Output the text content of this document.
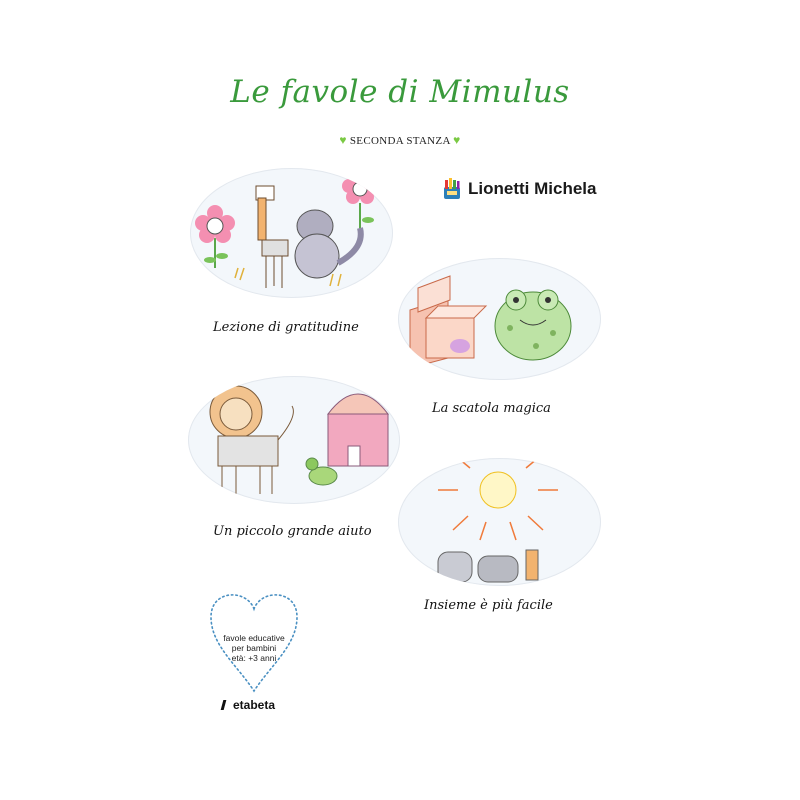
Le favole di Mimulus
♥ SECONDA STANZA ♥
Lionetti Michela
Lezione di gratitudine
La scatola magica
Un piccolo grande aiuto
Insieme è più facile
favole educative
per bambini
età: +3 anni
etabeta
